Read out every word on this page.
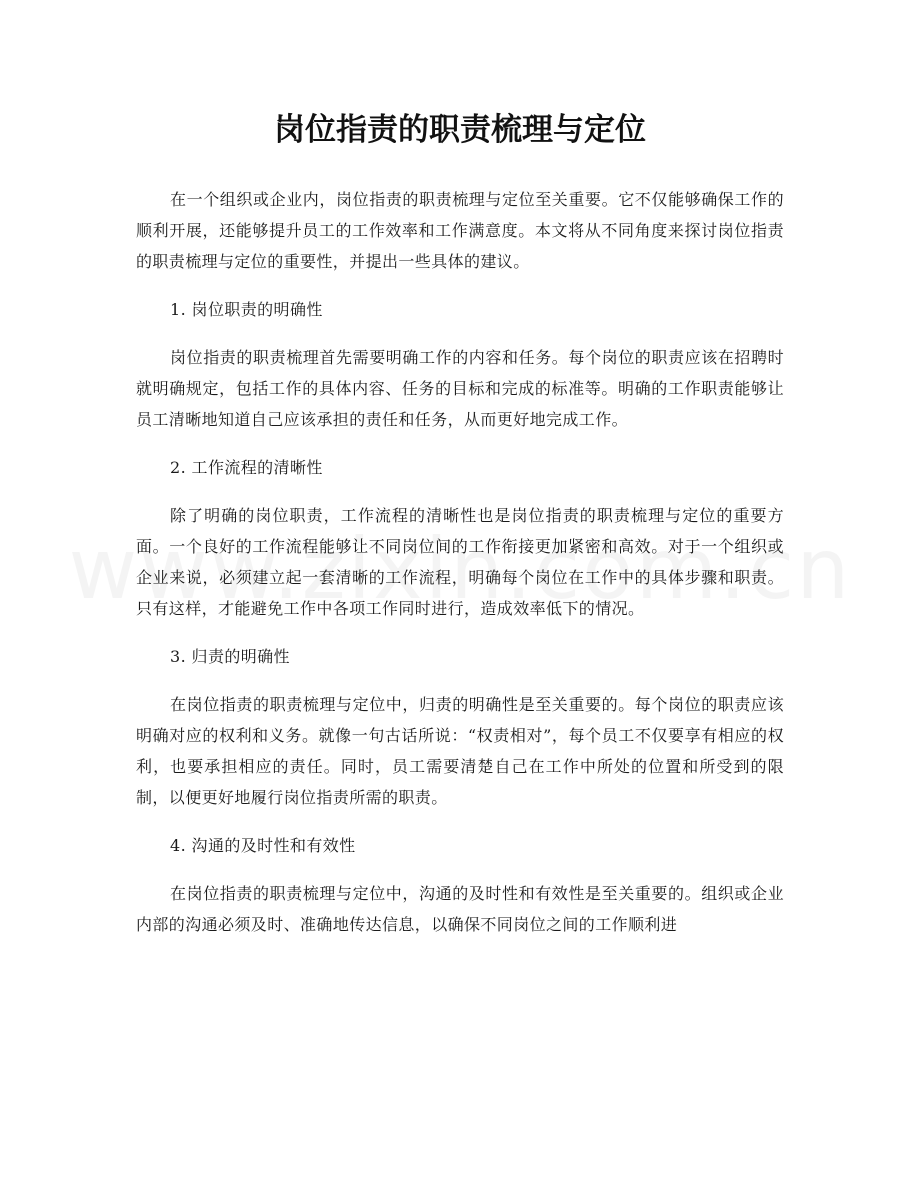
岗位指责的职责梳理与定位

在一个组织或企业内，岗位指责的职责梳理与定位至关重要。它不仅能够确保工作的顺利开展，还能够提升员工的工作效率和工作满意度。本文将从不同角度来探讨岗位指责的职责梳理与定位的重要性，并提出一些具体的建议。

1. 岗位职责的明确性

岗位指责的职责梳理首先需要明确工作的内容和任务。每个岗位的职责应该在招聘时就明确规定，包括工作的具体内容、任务的目标和完成的标准等。明确的工作职责能够让员工清晰地知道自己应该承担的责任和任务，从而更好地完成工作。

2. 工作流程的清晰性

除了明确的岗位职责，工作流程的清晰性也是岗位指责的职责梳理与定位的重要方面。一个良好的工作流程能够让不同岗位间的工作衔接更加紧密和高效。对于一个组织或企业来说，必须建立起一套清晰的工作流程，明确每个岗位在工作中的具体步骤和职责。只有这样，才能避免工作中各项工作同时进行，造成效率低下的情况。

3. 归责的明确性

在岗位指责的职责梳理与定位中，归责的明确性是至关重要的。每个岗位的职责应该明确对应的权利和义务。就像一句古话所说：“权责相对”，每个员工不仅要享有相应的权利，也要承担相应的责任。同时，员工需要清楚自己在工作中所处的位置和所受到的限制，以便更好地履行岗位指责所需的职责。

4. 沟通的及时性和有效性

在岗位指责的职责梳理与定位中，沟通的及时性和有效性是至关重要的。组织或企业内部的沟通必须及时、准确地传达信息，以确保不同岗位之间的工作顺利进
